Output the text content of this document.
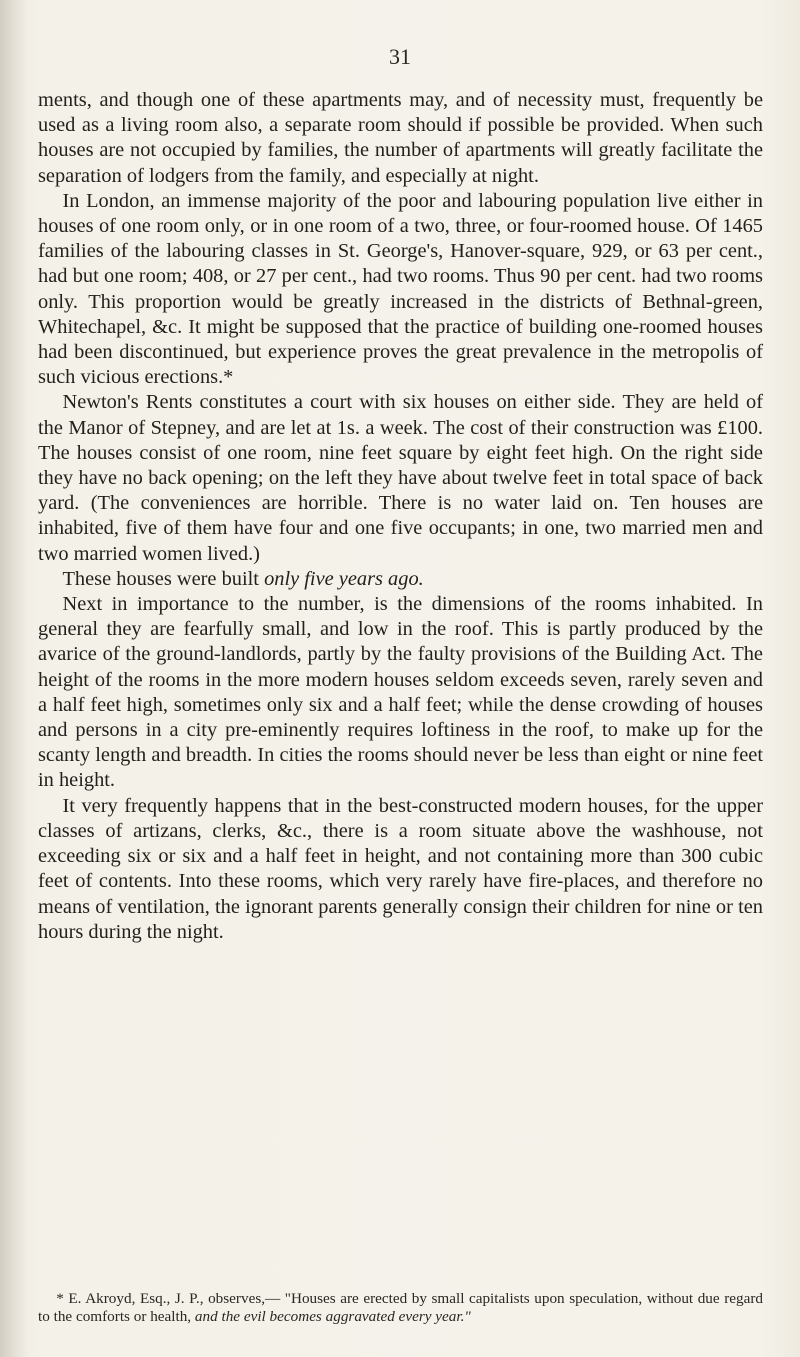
31

ments, and though one of these apartments may, and of necessity must, frequently be used as a living room also, a separate room should if possible be provided. When such houses are not occupied by families, the number of apartments will greatly facilitate the separation of lodgers from the family, and especially at night.

In London, an immense majority of the poor and labouring population live either in houses of one room only, or in one room of a two, three, or four-roomed house. Of 1465 families of the labouring classes in St. George's, Hanover-square, 929, or 63 per cent., had but one room; 408, or 27 per cent., had two rooms. Thus 90 per cent. had two rooms only. This proportion would be greatly increased in the districts of Bethnal-green, Whitechapel, &c. It might be supposed that the practice of building one-roomed houses had been discontinued, but experience proves the great prevalence in the metropolis of such vicious erections.*

Newton's Rents constitutes a court with six houses on either side. They are held of the Manor of Stepney, and are let at 1s. a week. The cost of their construction was £100. The houses consist of one room, nine feet square by eight feet high. On the right side they have no back opening; on the left they have about twelve feet in total space of back yard. (The conveniences are horrible. There is no water laid on. Ten houses are inhabited, five of them have four and one five occupants; in one, two married men and two married women lived.)

These houses were built only five years ago.

Next in importance to the number, is the dimensions of the rooms inhabited. In general they are fearfully small, and low in the roof. This is partly produced by the avarice of the ground-landlords, partly by the faulty provisions of the Building Act. The height of the rooms in the more modern houses seldom exceeds seven, rarely seven and a half feet high, sometimes only six and a half feet; while the dense crowding of houses and persons in a city pre-eminently requires loftiness in the roof, to make up for the scanty length and breadth. In cities the rooms should never be less than eight or nine feet in height.

It very frequently happens that in the best-constructed modern houses, for the upper classes of artizans, clerks, &c., there is a room situate above the washhouse, not exceeding six or six and a half feet in height, and not containing more than 300 cubic feet of contents. Into these rooms, which very rarely have fire-places, and therefore no means of ventilation, the ignorant parents generally consign their children for nine or ten hours during the night.

* E. Akroyd, Esq., J. P., observes,— "Houses are erected by small capitalists upon speculation, without due regard to the comforts or health, and the evil becomes aggravated every year."
